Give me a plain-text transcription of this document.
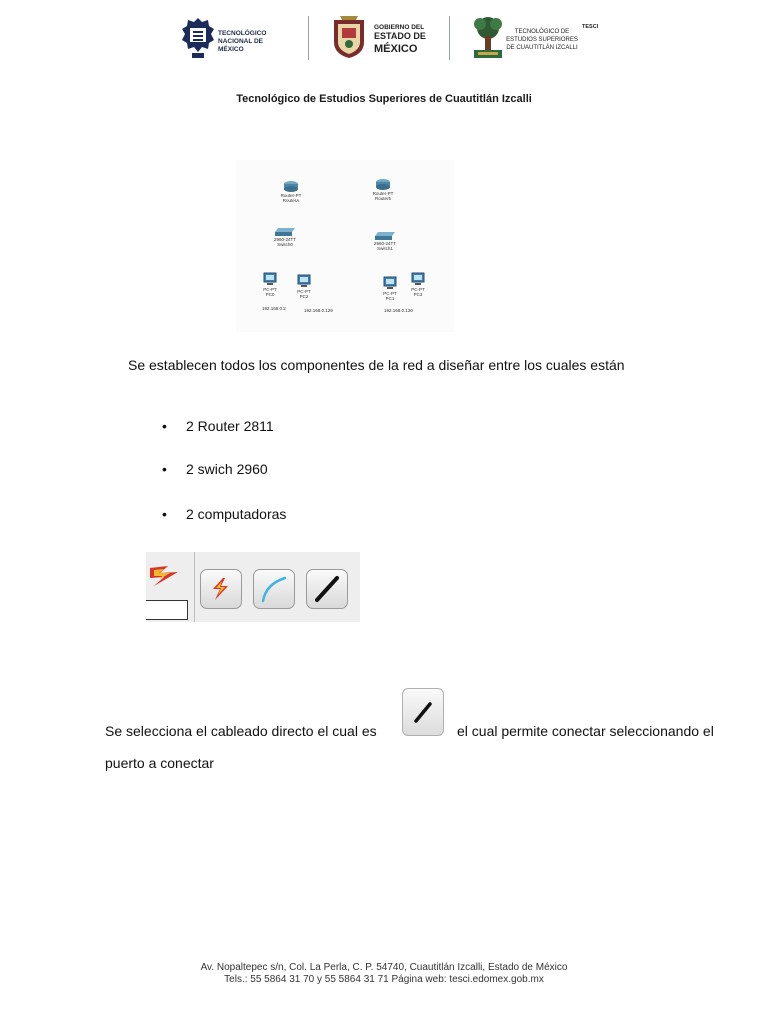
TECNOLÓGICO NACIONAL DE MÉXICO
GOBIERNO DEL
ESTADO DE
MÉXICO
TECNOLÓGICO DE ESTUDIOS SUPERIORES DE CUAUTITLÁN IZCALLI
TESCI
Tecnológico de Estudios Superiores de Cuautitlán Izcalli
Router-PT
RouterA
Router-PT
Router5
2960-24TT
Switch0	2960-24TT
Switch1
PC-PT
PC0
PC-PT
PC2
PC-PT
PC1
PC-PT
PC3
192.168.0.2	192.168.0.129	192.168.0.130
Se establecen todos los componentes de la red a diseñar entre los cuales están
• 2 Router 2811
• 2 swich 2960
• 2 computadoras
Se selecciona el cableado directo el cual es	el cual permite conectar seleccionando el
puerto a conectar
Av. Nopaltepec s/n, Col. La Perla, C. P. 54740, Cuautitlán Izcalli, Estado de México
Tels.: 55 5864 31 70 y 55 5864 31 71 Página web: tesci.edomex.gob.mx
